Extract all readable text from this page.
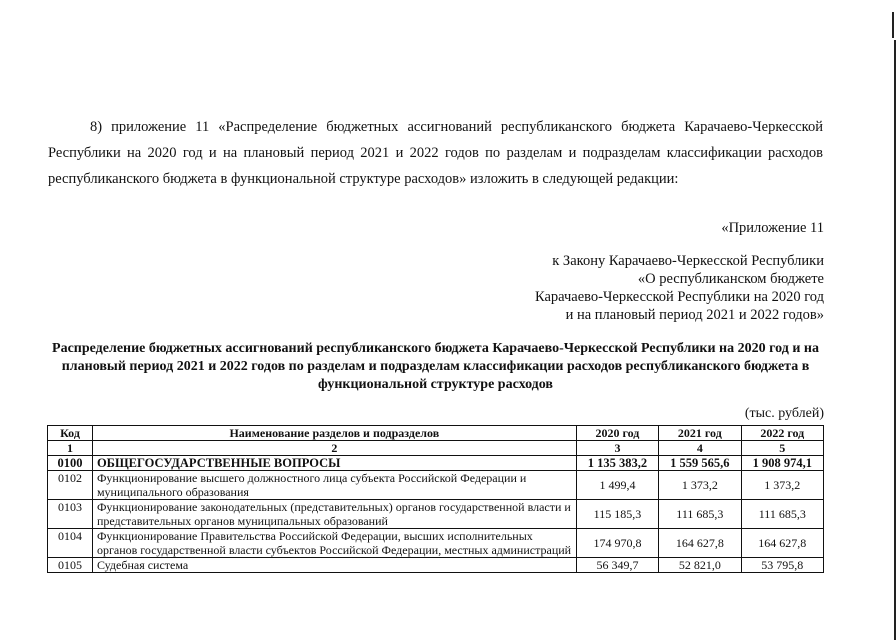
8) приложение 11 «Распределение бюджетных ассигнований республиканского бюджета Карачаево-Черкесской Республики на 2020 год и на плановый период 2021 и 2022 годов по разделам и подразделам классификации расходов республиканского бюджета в функциональной структуре расходов» изложить в следующей редакции:

«Приложение 11
к Закону Карачаево-Черкесской Республики
«О республиканском бюджете
Карачаево-Черкесской Республики на 2020 год
и на плановый период 2021 и 2022 годов»

Распределение бюджетных ассигнований республиканского бюджета Карачаево-Черкесской Республики на 2020 год и на плановый период 2021 и 2022 годов по разделам и подразделам классификации расходов республиканского бюджета в функциональной структуре расходов

(тыс. рублей)
Код	Наименование разделов и подразделов	2020 год	2021 год	2022 год
1	2	3	4	5
0100	ОБЩЕГОСУДАРСТВЕННЫЕ ВОПРОСЫ	1 135 383,2	1 559 565,6	1 908 974,1
0102	Функционирование высшего должностного лица субъекта Российской Федерации и муниципального образования	1 499,4	1 373,2	1 373,2
0103	Функционирование законодательных (представительных) органов государственной власти и представительных органов муниципальных образований	115 185,3	111 685,3	111 685,3
0104	Функционирование Правительства Российской Федерации, высших исполнительных органов государственной власти субъектов Российской Федерации, местных администраций	174 970,8	164 627,8	164 627,8
0105	Судебная система	56 349,7	52 821,0	53 795,8
